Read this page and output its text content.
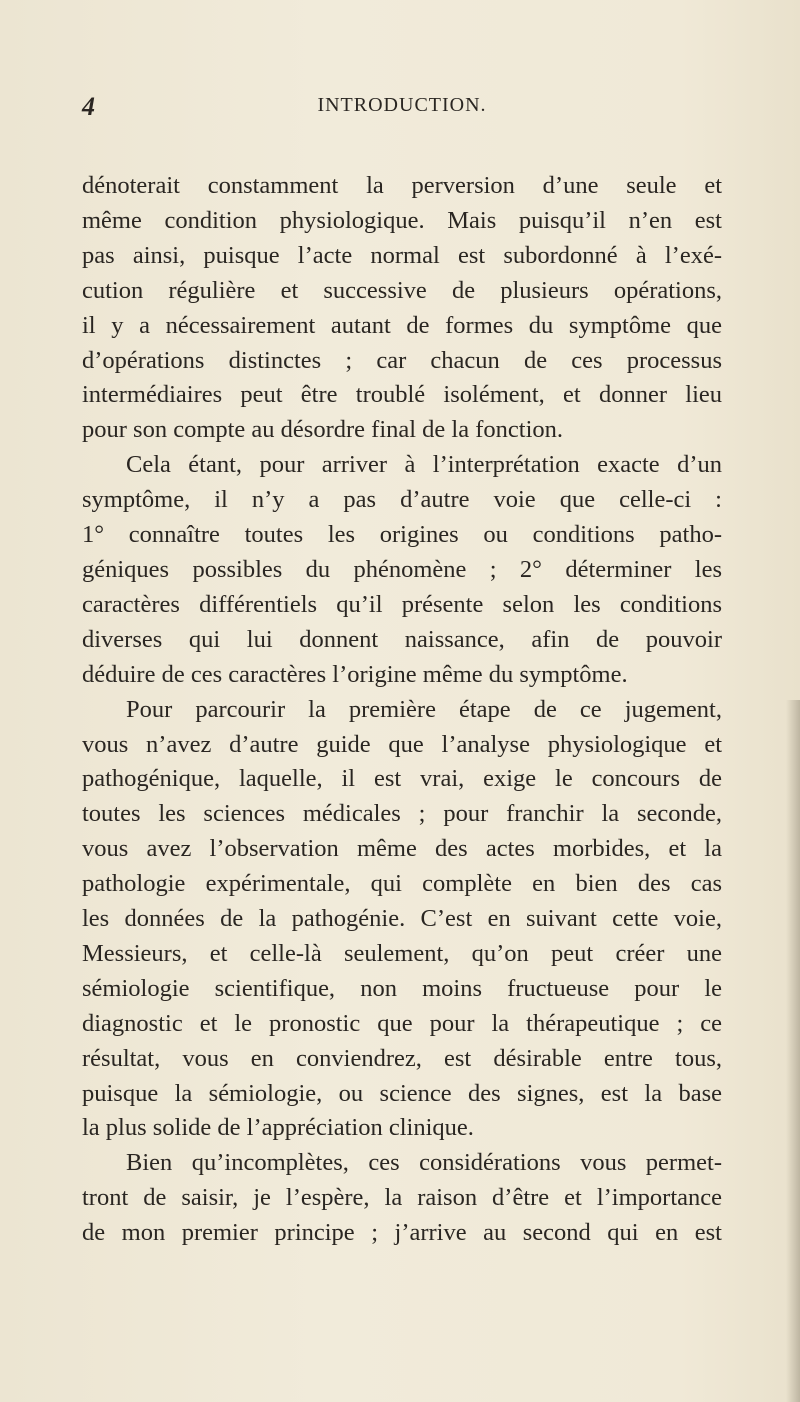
4	INTRODUCTION.
dénoterait constamment la perversion d’une seule et
même condition physiologique. Mais puisqu’il n’en est
pas ainsi, puisque l’acte normal est subordonné à l’exé-
cution régulière et successive de plusieurs opérations,
il y a nécessairement autant de formes du symptôme que
d’opérations distinctes ; car chacun de ces processus
intermédiaires peut être troublé isolément, et donner lieu
pour son compte au désordre final de la fonction.
Cela étant, pour arriver à l’interprétation exacte d’un
symptôme, il n’y a pas d’autre voie que celle-ci :
1° connaître toutes les origines ou conditions patho-
géniques possibles du phénomène ; 2° déterminer les
caractères différentiels qu’il présente selon les conditions
diverses qui lui donnent naissance, afin de pouvoir
déduire de ces caractères l’origine même du symptôme.
Pour parcourir la première étape de ce jugement,
vous n’avez d’autre guide que l’analyse physiologique et
pathogénique, laquelle, il est vrai, exige le concours de
toutes les sciences médicales ; pour franchir la seconde,
vous avez l’observation même des actes morbides, et la
pathologie expérimentale, qui complète en bien des cas
les données de la pathogénie. C’est en suivant cette voie,
Messieurs, et celle-là seulement, qu’on peut créer une
sémiologie scientifique, non moins fructueuse pour le
diagnostic et le pronostic que pour la thérapeutique ; ce
résultat, vous en conviendrez, est désirable entre tous,
puisque la sémiologie, ou science des signes, est la base
la plus solide de l’appréciation clinique.
Bien qu’incomplètes, ces considérations vous permet-
tront de saisir, je l’espère, la raison d’être et l’importance
de mon premier principe ; j’arrive au second qui en est
